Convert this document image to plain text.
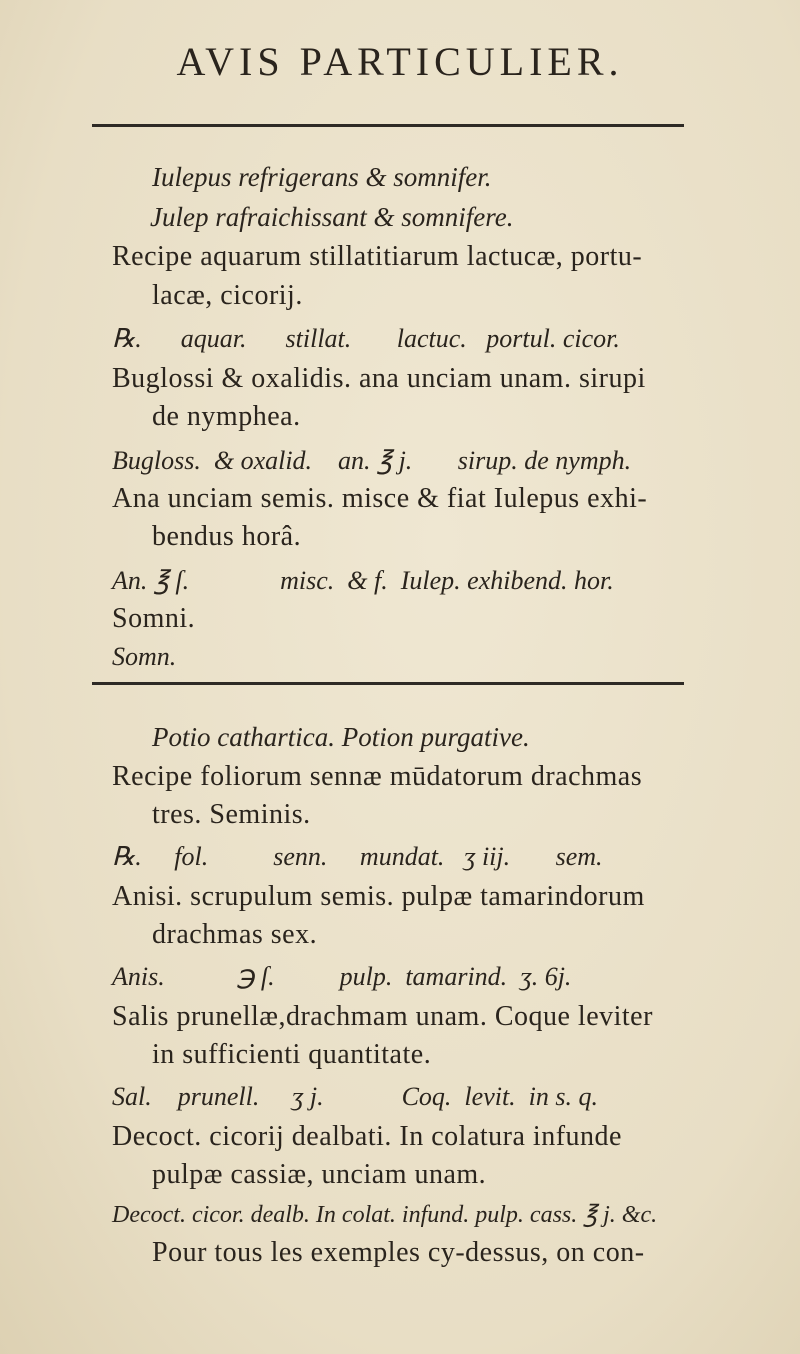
AVIS PARTICULIER.
Iulepus refrigerans & somnifer.
Julep rafraichissant & somnifere.
Recipe aquarum stillatitiarum lactucæ, portu-
lacæ, cicorij.
℞.      aquar.      stillat.       lactuc.   portul. cicor.
Buglossi & oxalidis. ana unciam unam. sirupi
de nymphea.
Bugloss.  & oxalid.    an. ℥ j.       sirup. de nymph.
Ana unciam semis. misce & fiat Iulepus exhi-
bendus horâ.
An. ℥ ſ.              misc.  & f.  Iulep. exhibend. hor.
Somni.
Somn.
Potio cathartica. Potion purgative.
Recipe foliorum sennæ mūdatorum drachmas
tres. Seminis.
℞.     fol.          senn.     mundat.   ʒ iij.       sem.
Anisi. scrupulum semis. pulpæ tamarindorum
drachmas sex.
Anis.           ℈ ſ.          pulp.  tamarind.  ʒ. 6j.
Salis prunellæ,drachmam unam. Coque leviter
in sufficienti quantitate.
Sal.    prunell.     ʒ j.            Coq.  levit.  in s. q.
Decoct. cicorij dealbati. In colatura infunde
pulpæ cassiæ, unciam unam.
Decoct. cicor. dealb. In colat. infund. pulp. cass. ℥ j. &c.
Pour tous les exemples cy-dessus, on con-
